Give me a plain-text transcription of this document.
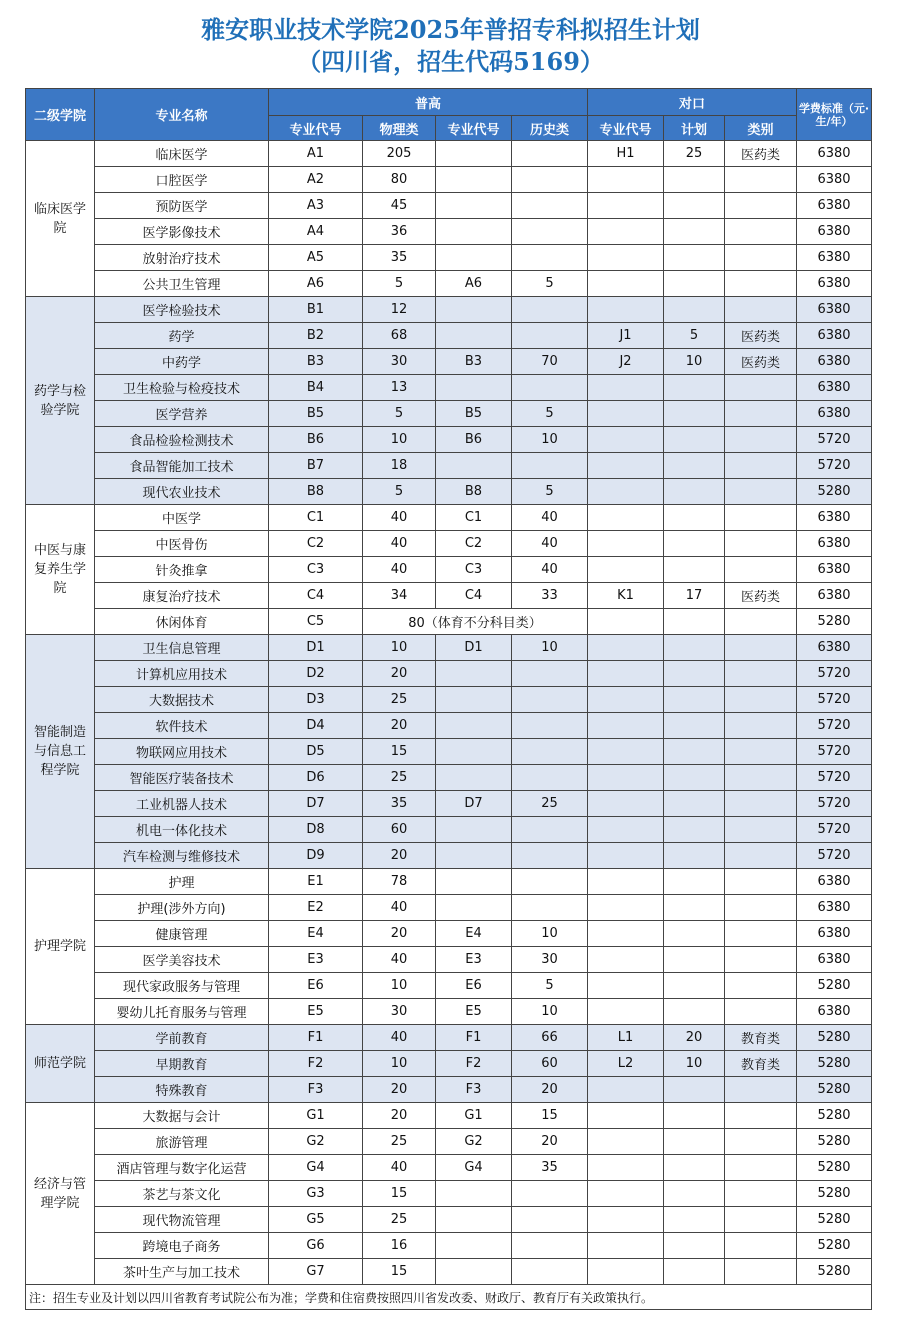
雅安职业技术学院2025年普招专科拟招生计划
（四川省，招生代码5169）
二级学院	专业名称	普高				对口			学费标准（元·生/年）
		专业代号	物理类	专业代号	历史类	专业代号	计划	类别	
临床医学院	临床医学	A1	205			H1	25	医药类	6380
	口腔医学	A2	80						6380
	预防医学	A3	45						6380
	医学影像技术	A4	36						6380
	放射治疗技术	A5	35						6380
	公共卫生管理	A6	5	A6	5				6380
药学与检验学院	医学检验技术	B1	12						6380
	药学	B2	68			J1	5	医药类	6380
	中药学	B3	30	B3	70	J2	10	医药类	6380
	卫生检验与检疫技术	B4	13						6380
	医学营养	B5	5	B5	5				6380
	食品检验检测技术	B6	10	B6	10				5720
	食品智能加工技术	B7	18						5720
	现代农业技术	B8	5	B8	5				5280
中医与康复养生学院	中医学	C1	40	C1	40				6380
	中医骨伤	C2	40	C2	40				6380
	针灸推拿	C3	40	C3	40				6380
	康复治疗技术	C4	34	C4	33	K1	17	医药类	6380
	休闲体育	C5	80（体育不分科目类）						5280
智能制造与信息工程学院	卫生信息管理	D1	10	D1	10				6380
	计算机应用技术	D2	20						5720
	大数据技术	D3	25						5720
	软件技术	D4	20						5720
	物联网应用技术	D5	15						5720
	智能医疗装备技术	D6	25						5720
	工业机器人技术	D7	35	D7	25				5720
	机电一体化技术	D8	60						5720
	汽车检测与维修技术	D9	20						5720
护理学院	护理	E1	78						6380
	护理(涉外方向)	E2	40						6380
	健康管理	E4	20	E4	10				6380
	医学美容技术	E3	40	E3	30				6380
	现代家政服务与管理	E6	10	E6	5				5280
	婴幼儿托育服务与管理	E5	30	E5	10				6380
师范学院	学前教育	F1	40	F1	66	L1	20	教育类	5280
	早期教育	F2	10	F2	60	L2	10	教育类	5280
	特殊教育	F3	20	F3	20				5280
经济与管理学院	大数据与会计	G1	20	G1	15				5280
	旅游管理	G2	25	G2	20				5280
	酒店管理与数字化运营	G4	40	G4	35				5280
	茶艺与茶文化	G3	15						5280
	现代物流管理	G5	25						5280
	跨境电子商务	G6	16						5280
	茶叶生产与加工技术	G7	15						5280
注：招生专业及计划以四川省教育考试院公布为准；学费和住宿费按照四川省发改委、财政厅、教育厅有关政策执行。									
